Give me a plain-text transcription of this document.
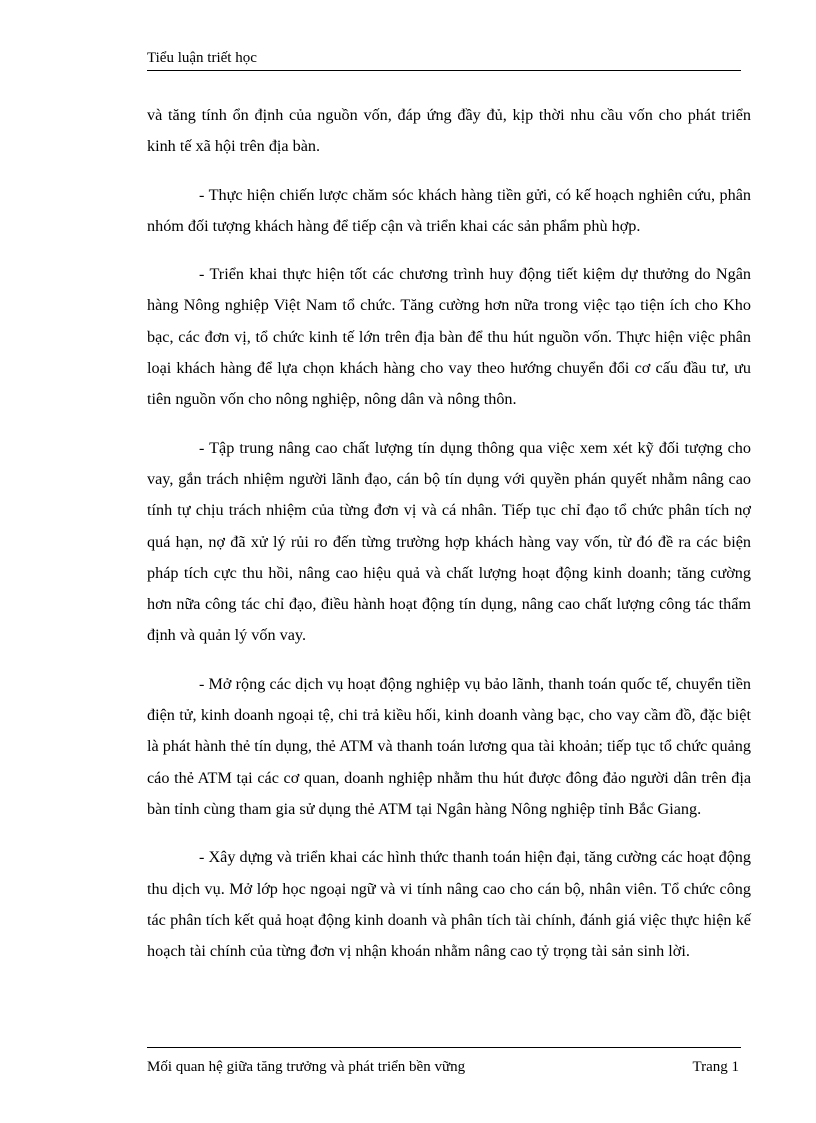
Tiểu luận triết học

và tăng tính ổn định của nguồn vốn, đáp ứng đầy đủ, kịp thời nhu cầu vốn cho phát triển kinh tế xã hội trên địa bàn.

- Thực hiện chiến lược chăm sóc khách hàng tiền gửi, có kế hoạch nghiên cứu, phân nhóm đối tượng khách hàng để tiếp cận và triển khai các sản phẩm phù hợp.

- Triển khai thực hiện tốt các chương trình huy động tiết kiệm dự thưởng do Ngân hàng Nông nghiệp Việt Nam tổ chức. Tăng cường hơn nữa trong việc tạo tiện ích cho Kho bạc, các đơn vị, tổ chức kinh tế lớn trên địa bàn để thu hút nguồn vốn. Thực hiện việc phân loại khách hàng để lựa chọn khách hàng cho vay theo hướng chuyển đổi cơ cấu đầu tư, ưu tiên nguồn vốn cho nông nghiệp, nông dân và nông thôn.

- Tập trung nâng cao chất lượng tín dụng thông qua việc xem xét kỹ đối tượng cho vay, gắn trách nhiệm người lãnh đạo, cán bộ tín dụng với quyền phán quyết nhằm nâng cao tính tự chịu trách nhiệm của từng đơn vị và cá nhân. Tiếp tục chỉ đạo tổ chức phân tích nợ quá hạn, nợ đã xử lý rủi ro đến từng trường hợp khách hàng vay vốn, từ đó đề ra các biện pháp tích cực thu hồi, nâng cao hiệu quả và chất lượng hoạt động kinh doanh; tăng cường hơn nữa công tác chỉ đạo, điều hành hoạt động tín dụng, nâng cao chất lượng công tác thẩm định và quản lý vốn vay.

- Mở rộng các dịch vụ hoạt động nghiệp vụ bảo lãnh, thanh toán quốc tế, chuyển tiền điện tử, kinh doanh ngoại tệ, chi trả kiều hối, kinh doanh vàng bạc, cho vay cầm đồ, đặc biệt là phát hành thẻ tín dụng, thẻ ATM và thanh toán lương qua tài khoản; tiếp tục tổ chức quảng cáo thẻ ATM tại các cơ quan, doanh nghiệp nhằm thu hút được đông đảo người dân trên địa bàn tỉnh cùng tham gia sử dụng thẻ ATM tại Ngân hàng Nông nghiệp tỉnh Bắc Giang.

- Xây dựng và triển khai các hình thức thanh toán hiện đại, tăng cường các hoạt động thu dịch vụ. Mở lớp học ngoại ngữ và vi tính nâng cao cho cán bộ, nhân viên. Tổ chức công tác phân tích kết quả hoạt động kinh doanh và phân tích tài chính, đánh giá việc thực hiện kế hoạch tài chính của từng đơn vị nhận khoán nhằm nâng cao tỷ trọng tài sản sinh lời.

Mối quan hệ giữa tăng trưởng và phát triển bền vững	Trang 1
